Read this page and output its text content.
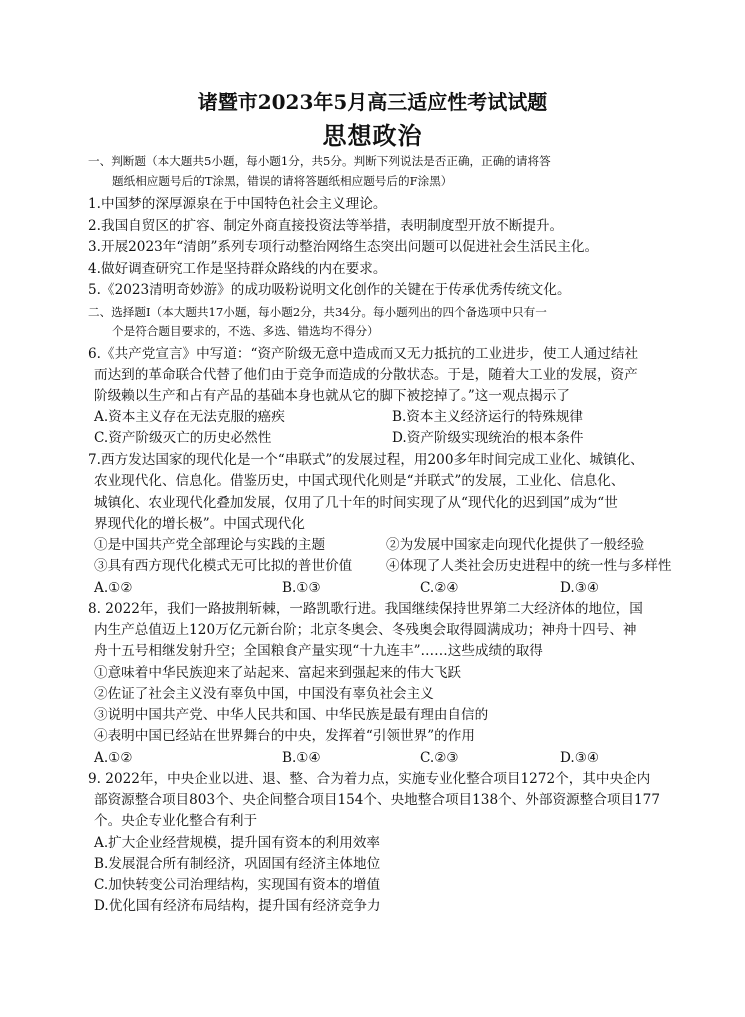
诸暨市2023年5月高三适应性考试试题
思想政治
一、判断题（本大题共5小题，每小题1分，共5分。判断下列说法是否正确，正确的请将答
题纸相应题号后的T涂黑，错误的请将答题纸相应题号后的F涂黑）
1.中国梦的深厚源泉在于中国特色社会主义理论。
2.我国自贸区的扩容、制定外商直接投资法等举措，表明制度型开放不断提升。
3.开展2023年“清朗”系列专项行动整治网络生态突出问题可以促进社会生活民主化。
4.做好调查研究工作是坚持群众路线的内在要求。
5.《2023清明奇妙游》的成功吸粉说明文化创作的关键在于传承优秀传统文化。
二、选择题Ⅰ（本大题共17小题，每小题2分，共34分。每小题列出的四个备选项中只有一
个是符合题目要求的，不选、多选、错选均不得分）
6.《共产党宣言》中写道：“资产阶级无意中造成而又无力抵抗的工业进步，使工人通过结社
而达到的革命联合代替了他们由于竞争而造成的分散状态。于是，随着大工业的发展，资产
阶级赖以生产和占有产品的基础本身也就从它的脚下被挖掉了。”这一观点揭示了
A.资本主义存在无法克服的癌疾	B.资本主义经济运行的特殊规律
C.资产阶级灭亡的历史必然性	D.资产阶级实现统治的根本条件
7.西方发达国家的现代化是一个“串联式”的发展过程，用200多年时间完成工业化、城镇化、
农业现代化、信息化。借鉴历史，中国式现代化则是“并联式”的发展，工业化、信息化、
城镇化、农业现代化叠加发展，仅用了几十年的时间实现了从“现代化的迟到国”成为“世
界现代化的增长极”。中国式现代化
①是中国共产党全部理论与实践的主题	②为发展中国家走向现代化提供了一般经验
③具有西方现代化模式无可比拟的普世价值 ④体现了人类社会历史进程中的统一性与多样性
A.①②	B.①③	C.②④	D.③④
8. 2022年，我们一路披荆斩棘，一路凯歌行进。我国继续保持世界第二大经济体的地位，国
内生产总值迈上120万亿元新台阶；北京冬奥会、冬残奥会取得圆满成功；神舟十四号、神
舟十五号相继发射升空；全国粮食产量实现“十九连丰”……这些成绩的取得
①意味着中华民族迎来了站起来、富起来到强起来的伟大飞跃
②佐证了社会主义没有辜负中国，中国没有辜负社会主义
③说明中国共产党、中华人民共和国、中华民族是最有理由自信的
④表明中国已经站在世界舞台的中央，发挥着“引领世界”的作用
A.①②	B.①④	C.②③	D.③④
9. 2022年，中央企业以进、退、整、合为着力点，实施专业化整合项目1272个，其中央企内
部资源整合项目803个、央企间整合项目154个、央地整合项目138个、外部资源整合项目177
个。央企专业化整合有利于
A.扩大企业经营规模，提升国有资本的利用效率
B.发展混合所有制经济，巩固国有经济主体地位
C.加快转变公司治理结构，实现国有资本的增值
D.优化国有经济布局结构，提升国有经济竞争力
